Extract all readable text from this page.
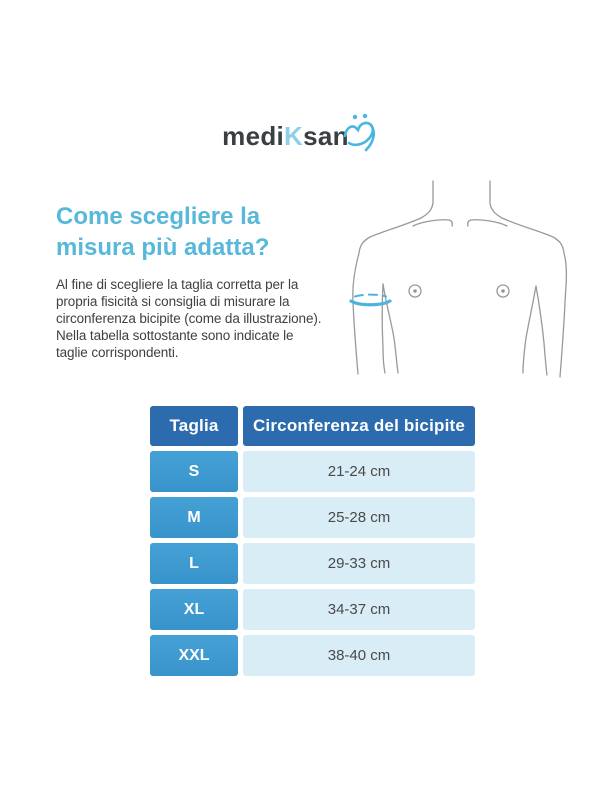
mediKsan
Come scegliere la misura più adatta?

Al fine di scegliere la taglia corretta per la propria fisicità si consiglia di misurare la circonferenza bicipite (come da illustrazione). Nella tabella sottostante sono indicate le taglie corrispondenti.

Taglia	Circonferenza del bicipite
S	21-24 cm
M	25-28 cm
L	29-33 cm
XL	34-37 cm
XXL	38-40 cm
